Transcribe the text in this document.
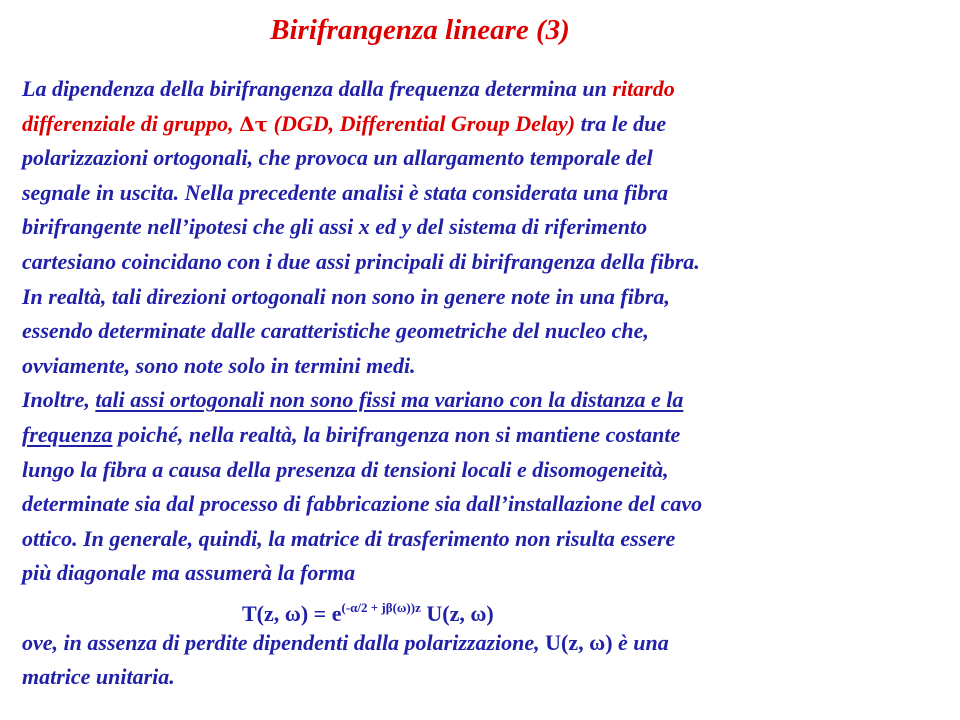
Birifrangenza lineare (3)
La dipendenza della birifrangenza dalla frequenza determina un ritardo
differenziale di gruppo, Δτ (DGD, Differential Group Delay) tra le due
polarizzazioni ortogonali, che provoca un allargamento temporale del
segnale in uscita. Nella precedente analisi è stata considerata una fibra
birifrangente nell’ipotesi che gli assi x ed y del sistema di riferimento
cartesiano coincidano con i due assi principali di birifrangenza della fibra.
In realtà, tali direzioni ortogonali non sono in genere note in una fibra,
essendo determinate dalle caratteristiche geometriche del nucleo che,
ovviamente, sono note solo in termini medi.
Inoltre, tali assi ortogonali non sono fissi ma variano con la distanza e la
frequenza poiché, nella realtà, la birifrangenza non si mantiene costante
lungo la fibra a causa della presenza di tensioni locali e disomogeneità,
determinate sia dal processo di fabbricazione sia dall’installazione del cavo
ottico. In generale, quindi, la matrice di trasferimento non risulta essere
più diagonale ma assumerà la forma
T(z, $\omega) = e^{(-\alpha/2 + j\beta(\omega))z}$ U(z, ω)
ove, in assenza di perdite dipendenti dalla polarizzazione, U(z, ω) è una
matrice unitaria.
